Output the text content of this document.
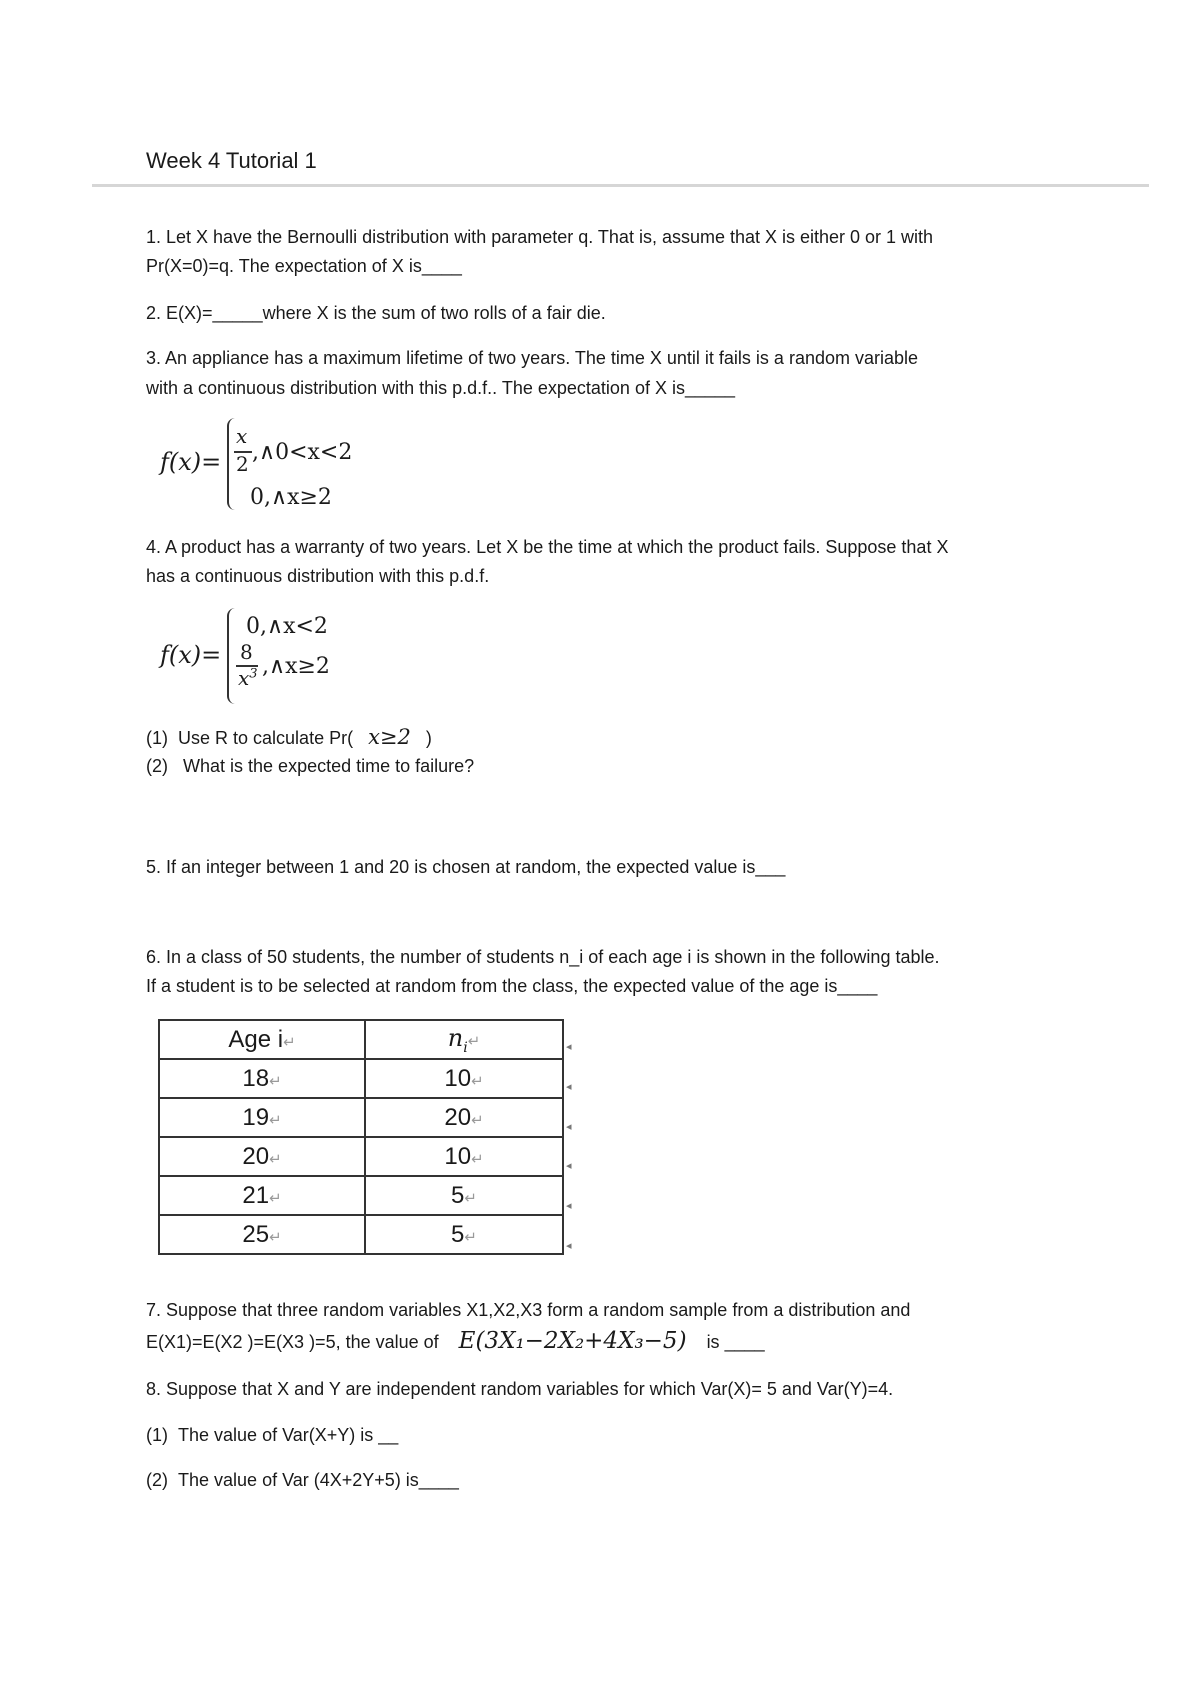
Week 4 Tutorial 1
1. Let X have the Bernoulli distribution with parameter q. That is, assume that X is either 0 or 1 with
Pr(X=0)=q. The expectation of X is____
2. E(X)=_____where X is the sum of two rolls of a fair die.
3. An appliance has a maximum lifetime of two years. The time X until it fails is a random variable
with a continuous distribution with this p.d.f.. The expectation of X is_____
f(x)=
x
2 ,∧0<x<2
0,∧x≥2
4. A product has a warranty of two years. Let X be the time at which the product fails. Suppose that X
has a continuous distribution with this p.d.f.
f(x)=
0,∧x<2
8
$x^3$ ,∧x≥2
(1) Use R to calculate Pr( x≥2 )
(2) What is the expected time to failure?
5. If an integer between 1 and 20 is chosen at random, the expected value is___
6. In a class of 50 students, the number of students n_i of each age i is shown in the following table.
If a student is to be selected at random from the class, the expected value of the age is____
Age i↵	$n_i↵$
18↵	10↵
19↵	20↵
20↵	10↵
21↵	5↵
25↵	5↵
◂
◂
◂
◂
◂
◂
7. Suppose that three random variables X1,X2,X3 form a random sample from a distribution and
E(X1)=E(X2 )=E(X3 )=5, the value of E(3X₁−2X₂+4X₃−5) is ____
8. Suppose that X and Y are independent random variables for which Var(X)= 5 and Var(Y)=4.
(1) The value of Var(X+Y) is __
(2) The value of Var (4X+2Y+5) is____
